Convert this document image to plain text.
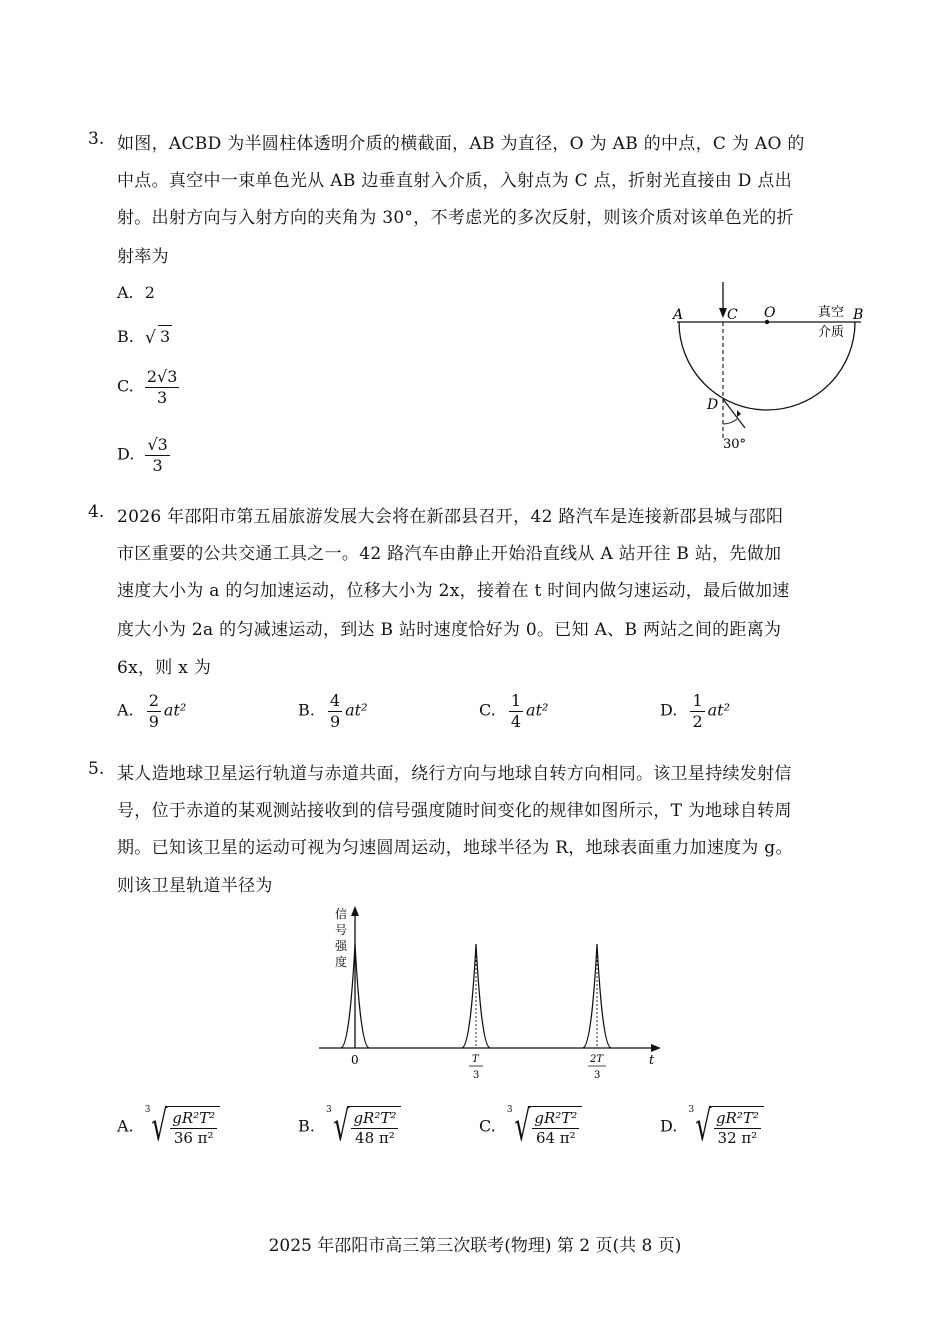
3. 如图，ACBD 为半圆柱体透明介质的横截面，AB 为直径，O 为 AB 的中点，C 为 AO 的
中点。真空中一束单色光从 AB 边垂直射入介质，入射点为 C 点，折射光直接由 D 点出
射。出射方向与入射方向的夹角为 30°，不考虑光的多次反射，则该介质对该单色光的折
射率为
A. 2
B. √ 3
C. $\frac{2√3}{3}$
D. $\frac{√3}{3}$
A	C O	B
D
真空
介质
30°
4. 2026 年邵阳市第五届旅游发展大会将在新邵县召开，42 路汽车是连接新邵县城与邵阳
市区重要的公共交通工具之一。42 路汽车由静止开始沿直线从 A 站开往 B 站，先做加
速度大小为 a 的匀加速运动，位移大小为 2x，接着在 t 时间内做匀速运动，最后做加速
度大小为 2a 的匀减速运动，到达 B 站时速度恰好为 0。已知 A、B 两站之间的距离为
6x，则 x 为
A. $\frac{2}{9} at^2$	B. $\frac{4}{9} at^2$	C. $\frac{1}{4} at^2$	D. $\frac{1}{2} at^2$
5. 某人造地球卫星运行轨道与赤道共面，绕行方向与地球自转方向相同。该卫星持续发射信
号，位于赤道的某观测站接收到的信号强度随时间变化的规律如图所示，T 为地球自转周
期。已知该卫星的运动可视为匀速圆周运动，地球半径为 R，地球表面重力加速度为 g。
则该卫星轨道半径为
信
号
强
度
0	T
3
2T
3
t
A.
3 √ gR²T²
36 π²
B.
3 √ gR²T²
48 π²
C.
3 √ gR²T²
64 π²
D.
3 √ gR²T²
32 π²
2025 年邵阳市高三第三次联考(物理) 第 2 页(共 8 页)
